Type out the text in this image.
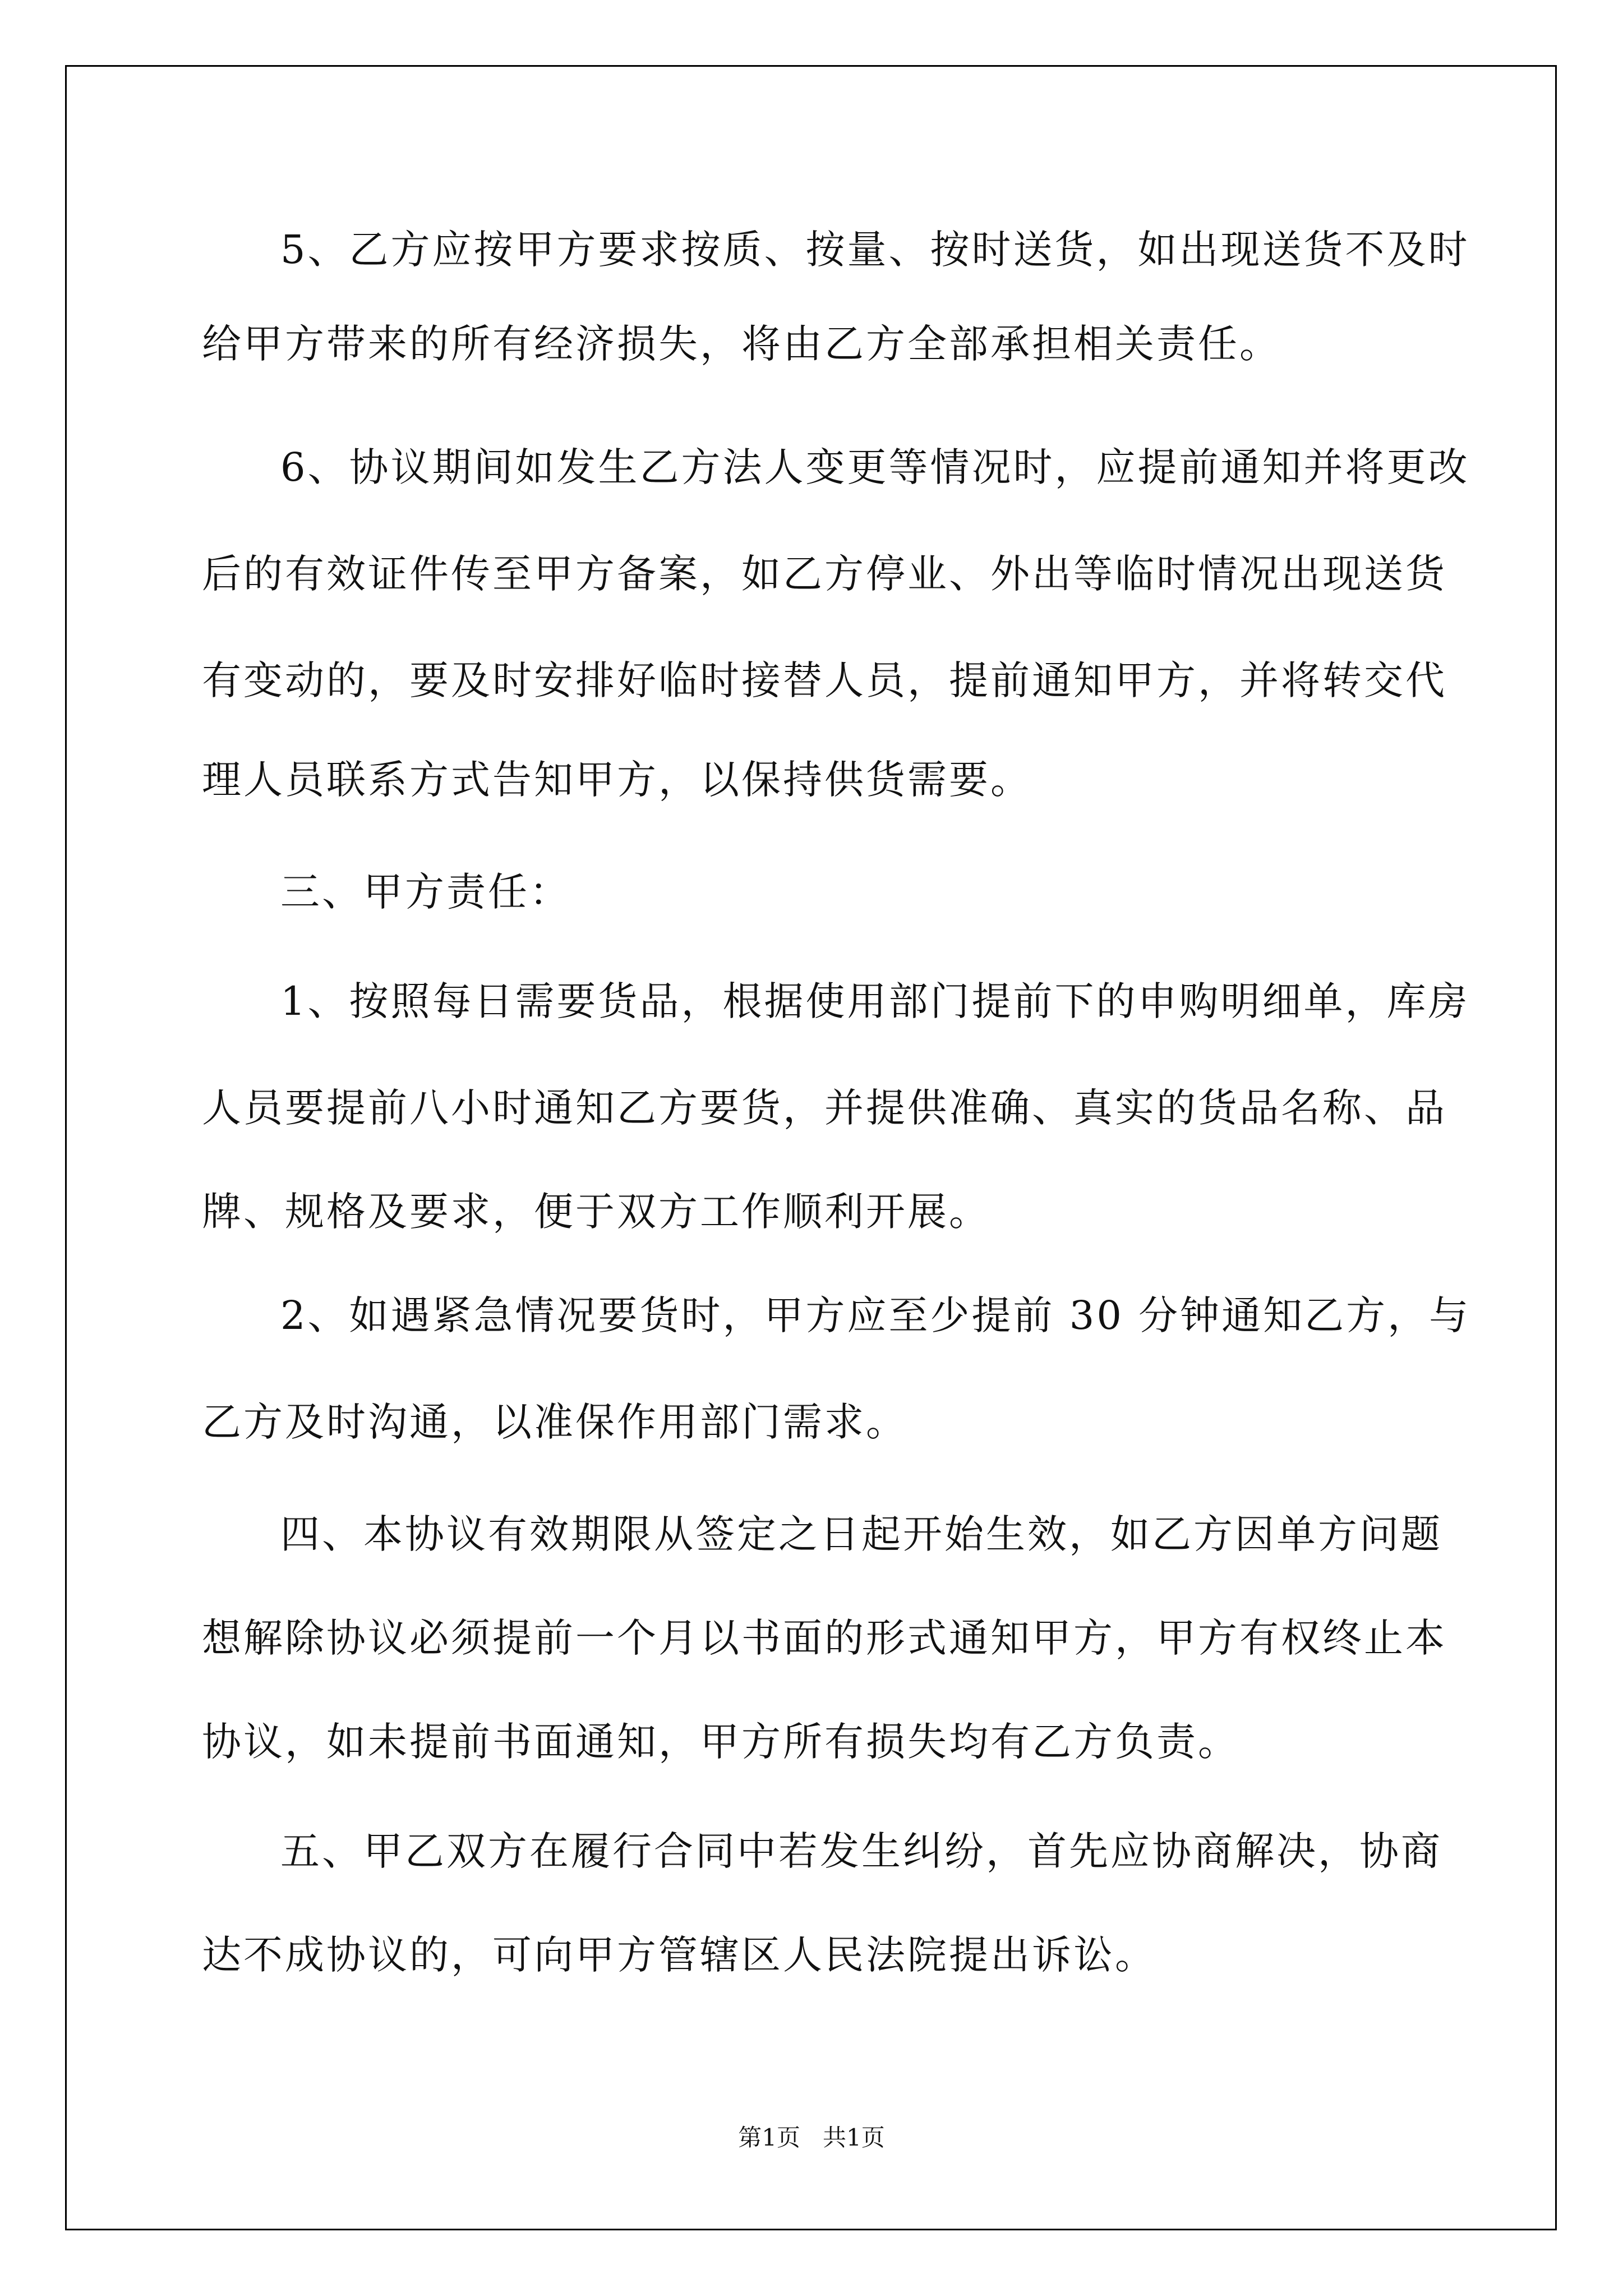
5、乙方应按甲方要求按质、按量、按时送货，如出现送货不及时
给甲方带来的所有经济损失，将由乙方全部承担相关责任。
6、协议期间如发生乙方法人变更等情况时，应提前通知并将更改
后的有效证件传至甲方备案，如乙方停业、外出等临时情况出现送货
有变动的，要及时安排好临时接替人员，提前通知甲方，并将转交代
理人员联系方式告知甲方，以保持供货需要。
三、甲方责任：
1、按照每日需要货品，根据使用部门提前下的申购明细单，库房
人员要提前八小时通知乙方要货，并提供准确、真实的货品名称、品
牌、规格及要求，便于双方工作顺利开展。
2、如遇紧急情况要货时，甲方应至少提前 30 分钟通知乙方，与
乙方及时沟通，以准保作用部门需求。
四、本协议有效期限从签定之日起开始生效，如乙方因单方问题
想解除协议必须提前一个月以书面的形式通知甲方，甲方有权终止本
协议，如未提前书面通知，甲方所有损失均有乙方负责。
五、甲乙双方在履行合同中若发生纠纷，首先应协商解决，协商
达不成协议的，可向甲方管辖区人民法院提出诉讼。
第1页   共1页
